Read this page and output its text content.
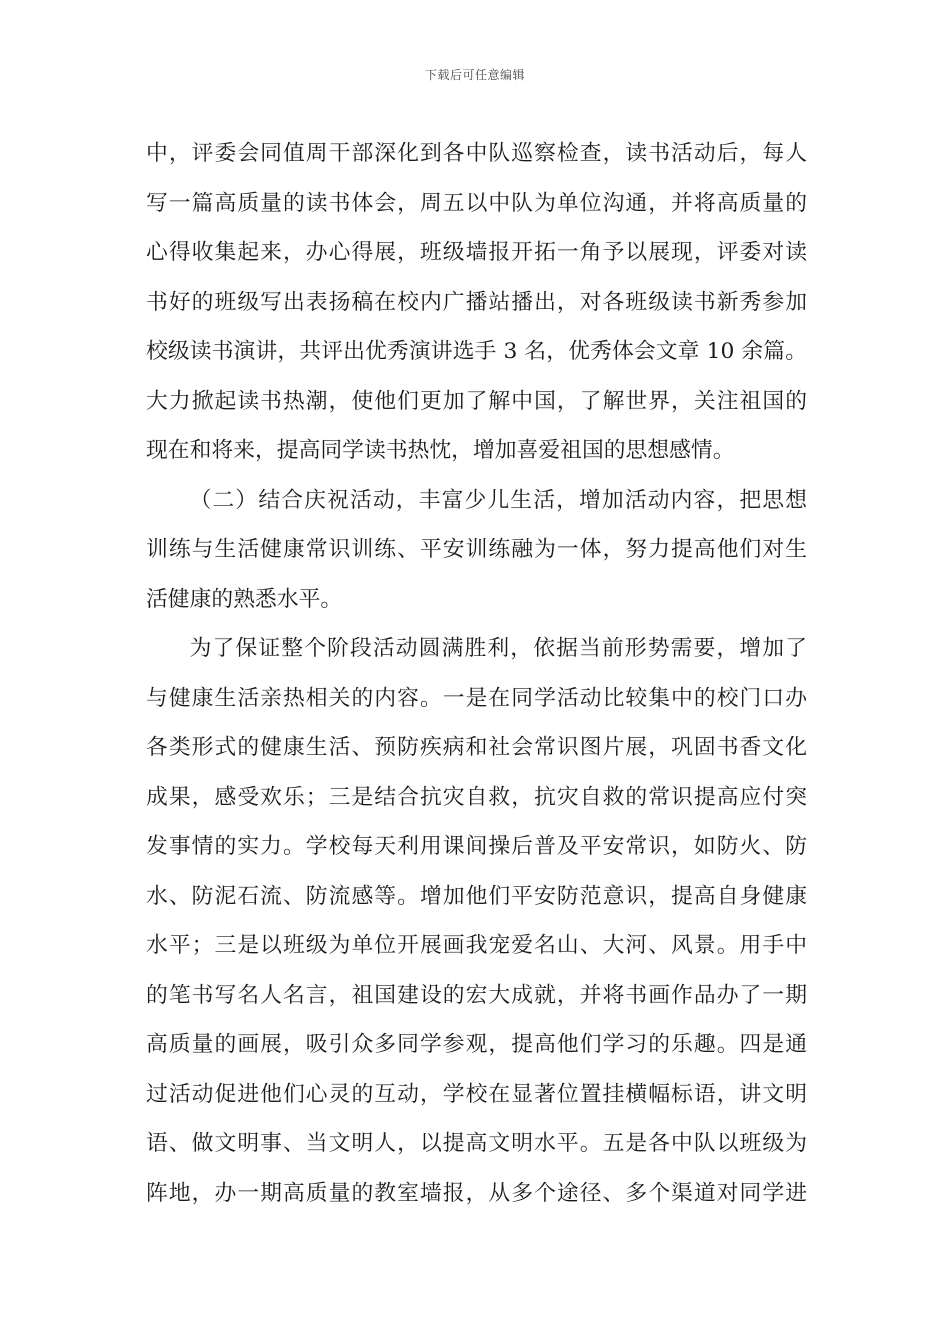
下载后可任意编辑

中，评委会同值周干部深化到各中队巡察检查，读书活动后，每人
写一篇高质量的读书体会，周五以中队为单位沟通，并将高质量的
心得收集起来，办心得展，班级墙报开拓一角予以展现，评委对读
书好的班级写出表扬稿在校内广播站播出，对各班级读书新秀参加
校级读书演讲，共评出优秀演讲选手 3 名，优秀体会文章 10 余篇。
大力掀起读书热潮，使他们更加了解中国，了解世界，关注祖国的
现在和将来，提高同学读书热忱，增加喜爱祖国的思想感情。

（二）结合庆祝活动，丰富少儿生活，增加活动内容，把思想
训练与生活健康常识训练、平安训练融为一体，努力提高他们对生
活健康的熟悉水平。

为了保证整个阶段活动圆满胜利，依据当前形势需要，增加了
与健康生活亲热相关的内容。一是在同学活动比较集中的校门口办
各类形式的健康生活、预防疾病和社会常识图片展，巩固书香文化
成果，感受欢乐；三是结合抗灾自救，抗灾自救的常识提高应付突
发事情的实力。学校每天利用课间操后普及平安常识，如防火、防
水、防泥石流、防流感等。增加他们平安防范意识，提高自身健康
水平；三是以班级为单位开展画我宠爱名山、大河、风景。用手中
的笔书写名人名言，祖国建设的宏大成就，并将书画作品办了一期
高质量的画展，吸引众多同学参观，提高他们学习的乐趣。四是通
过活动促进他们心灵的互动，学校在显著位置挂横幅标语，讲文明
语、做文明事、当文明人，以提高文明水平。五是各中队以班级为
阵地，办一期高质量的教室墙报，从多个途径、多个渠道对同学进
